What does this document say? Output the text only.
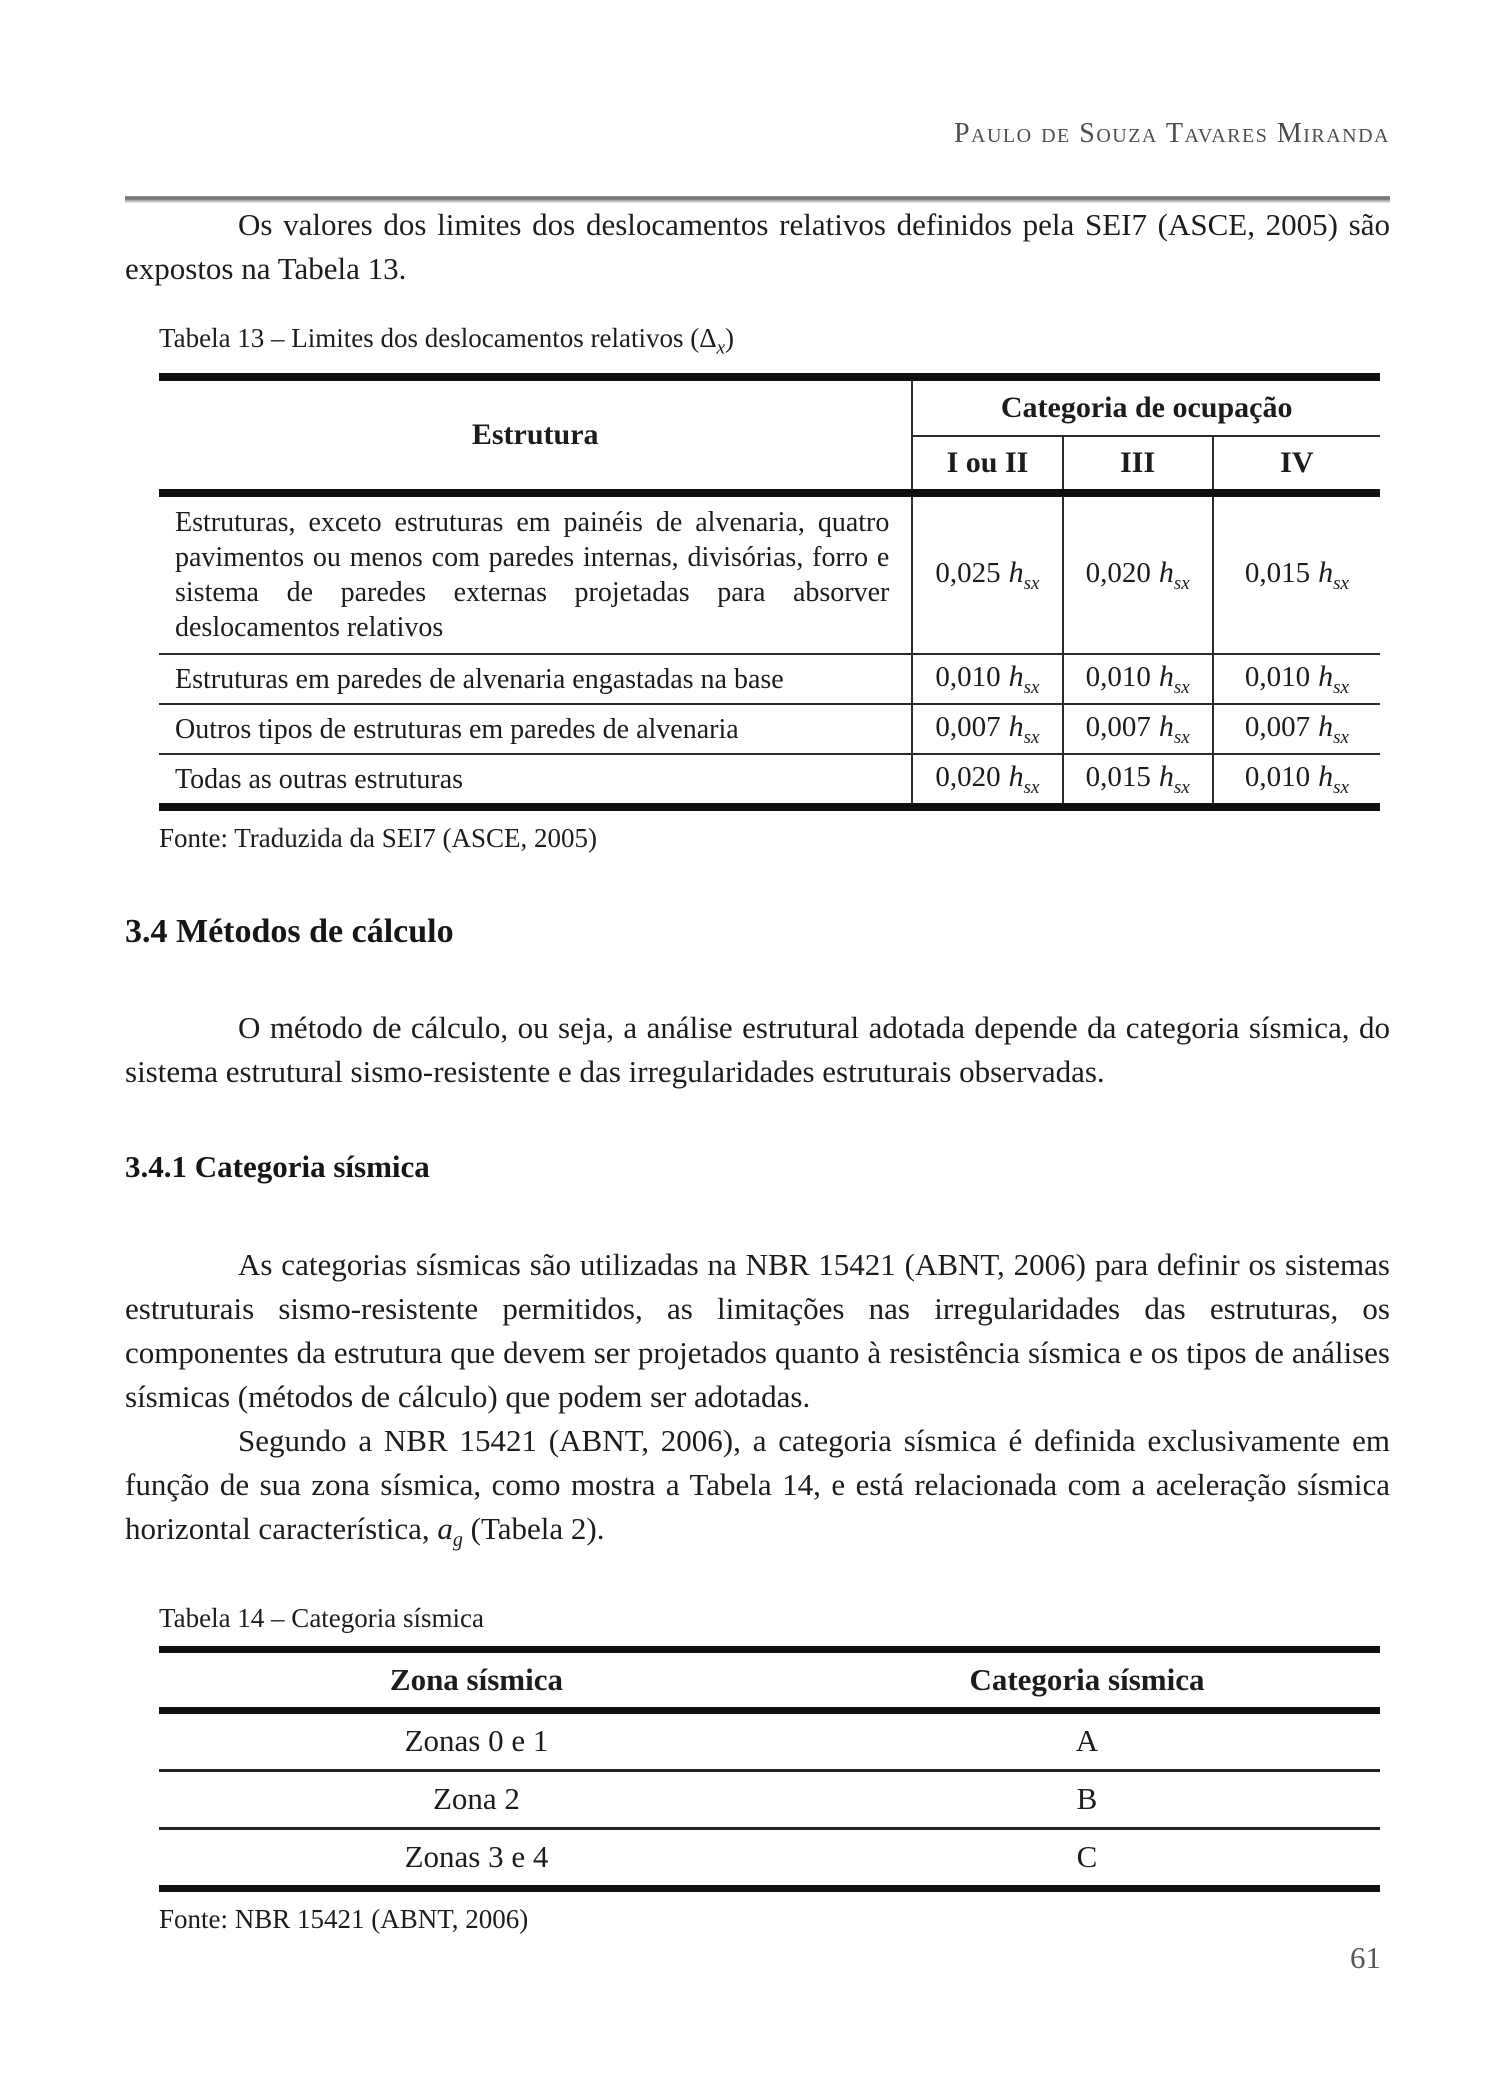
Paulo de Souza Tavares Miranda

Os valores dos limites dos deslocamentos relativos definidos pela SEI7 (ASCE, 2005) são expostos na Tabela 13.

Tabela 13 – Limites dos deslocamentos relativos $(\Delta_x)$

Estrutura	Categoria de ocupação		
	I ou II	III	IV
Estruturas, exceto estruturas em painéis de alvenaria, quatro pavimentos ou menos com paredes internas, divisórias, forro e sistema de paredes externas projetadas para absorver deslocamentos relativos	0,025 $h_{sx}$	0,020 $h_{sx}$	0,015 $h_{sx}$
Estruturas em paredes de alvenaria engastadas na base	0,010 $h_{sx}$	0,010 $h_{sx}$	0,010 $h_{sx}$
Outros tipos de estruturas em paredes de alvenaria	0,007 $h_{sx}$	0,007 $h_{sx}$	0,007 $h_{sx}$
Todas as outras estruturas	0,020 $h_{sx}$	0,015 $h_{sx}$	0,010 $h_{sx}$

Fonte: Traduzida da SEI7 (ASCE, 2005)

3.4 Métodos de cálculo

O método de cálculo, ou seja, a análise estrutural adotada depende da categoria sísmica, do sistema estrutural sismo-resistente e das irregularidades estruturais observadas.

3.4.1 Categoria sísmica

As categorias sísmicas são utilizadas na NBR 15421 (ABNT, 2006) para definir os sistemas estruturais sismo-resistente permitidos, as limitações nas irregularidades das estruturas, os componentes da estrutura que devem ser projetados quanto à resistência sísmica e os tipos de análises sísmicas (métodos de cálculo) que podem ser adotadas.

Segundo a NBR 15421 (ABNT, 2006), a categoria sísmica é definida exclusivamente em função de sua zona sísmica, como mostra a Tabela 14, e está relacionada com a aceleração sísmica horizontal característica, $a_g$ (Tabela 2).

Tabela 14 – Categoria sísmica

Zona sísmica	Categoria sísmica
Zonas 0 e 1	A
Zona 2	B
Zonas 3 e 4	C

Fonte: NBR 15421 (ABNT, 2006)

61
